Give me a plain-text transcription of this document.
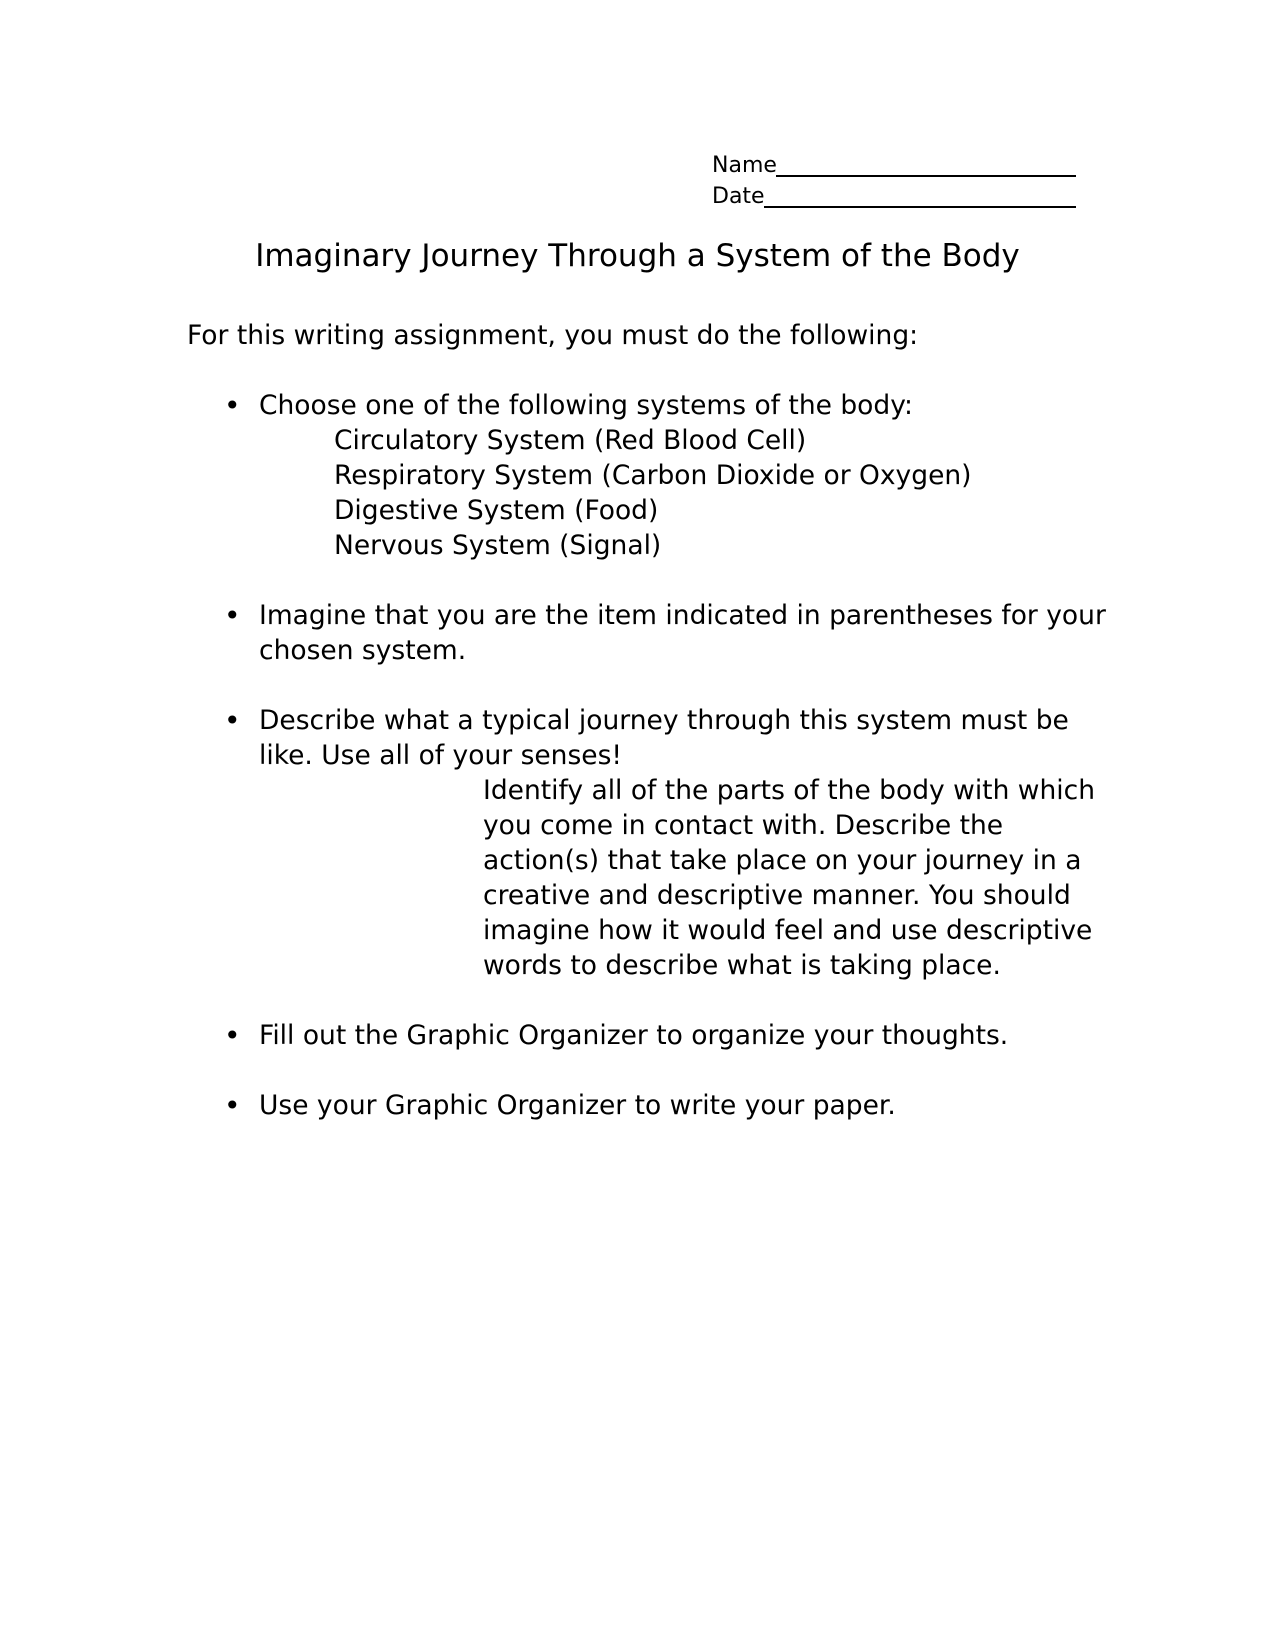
Name
Date
Imaginary Journey Through a System of the Body
For this writing assignment, you must do the following:
• Choose one of the following systems of the body:
Circulatory System (Red Blood Cell)
Respiratory System (Carbon Dioxide or Oxygen)
Digestive System (Food)
Nervous System (Signal)
• Imagine that you are the item indicated in parentheses for your
chosen system.
• Describe what a typical journey through this system must be
like. Use all of your senses!
Identify all of the parts of the body with which
you come in contact with. Describe the
action(s) that take place on your journey in a
creative and descriptive manner. You should
imagine how it would feel and use descriptive
words to describe what is taking place.
• Fill out the Graphic Organizer to organize your thoughts.
• Use your Graphic Organizer to write your paper.
